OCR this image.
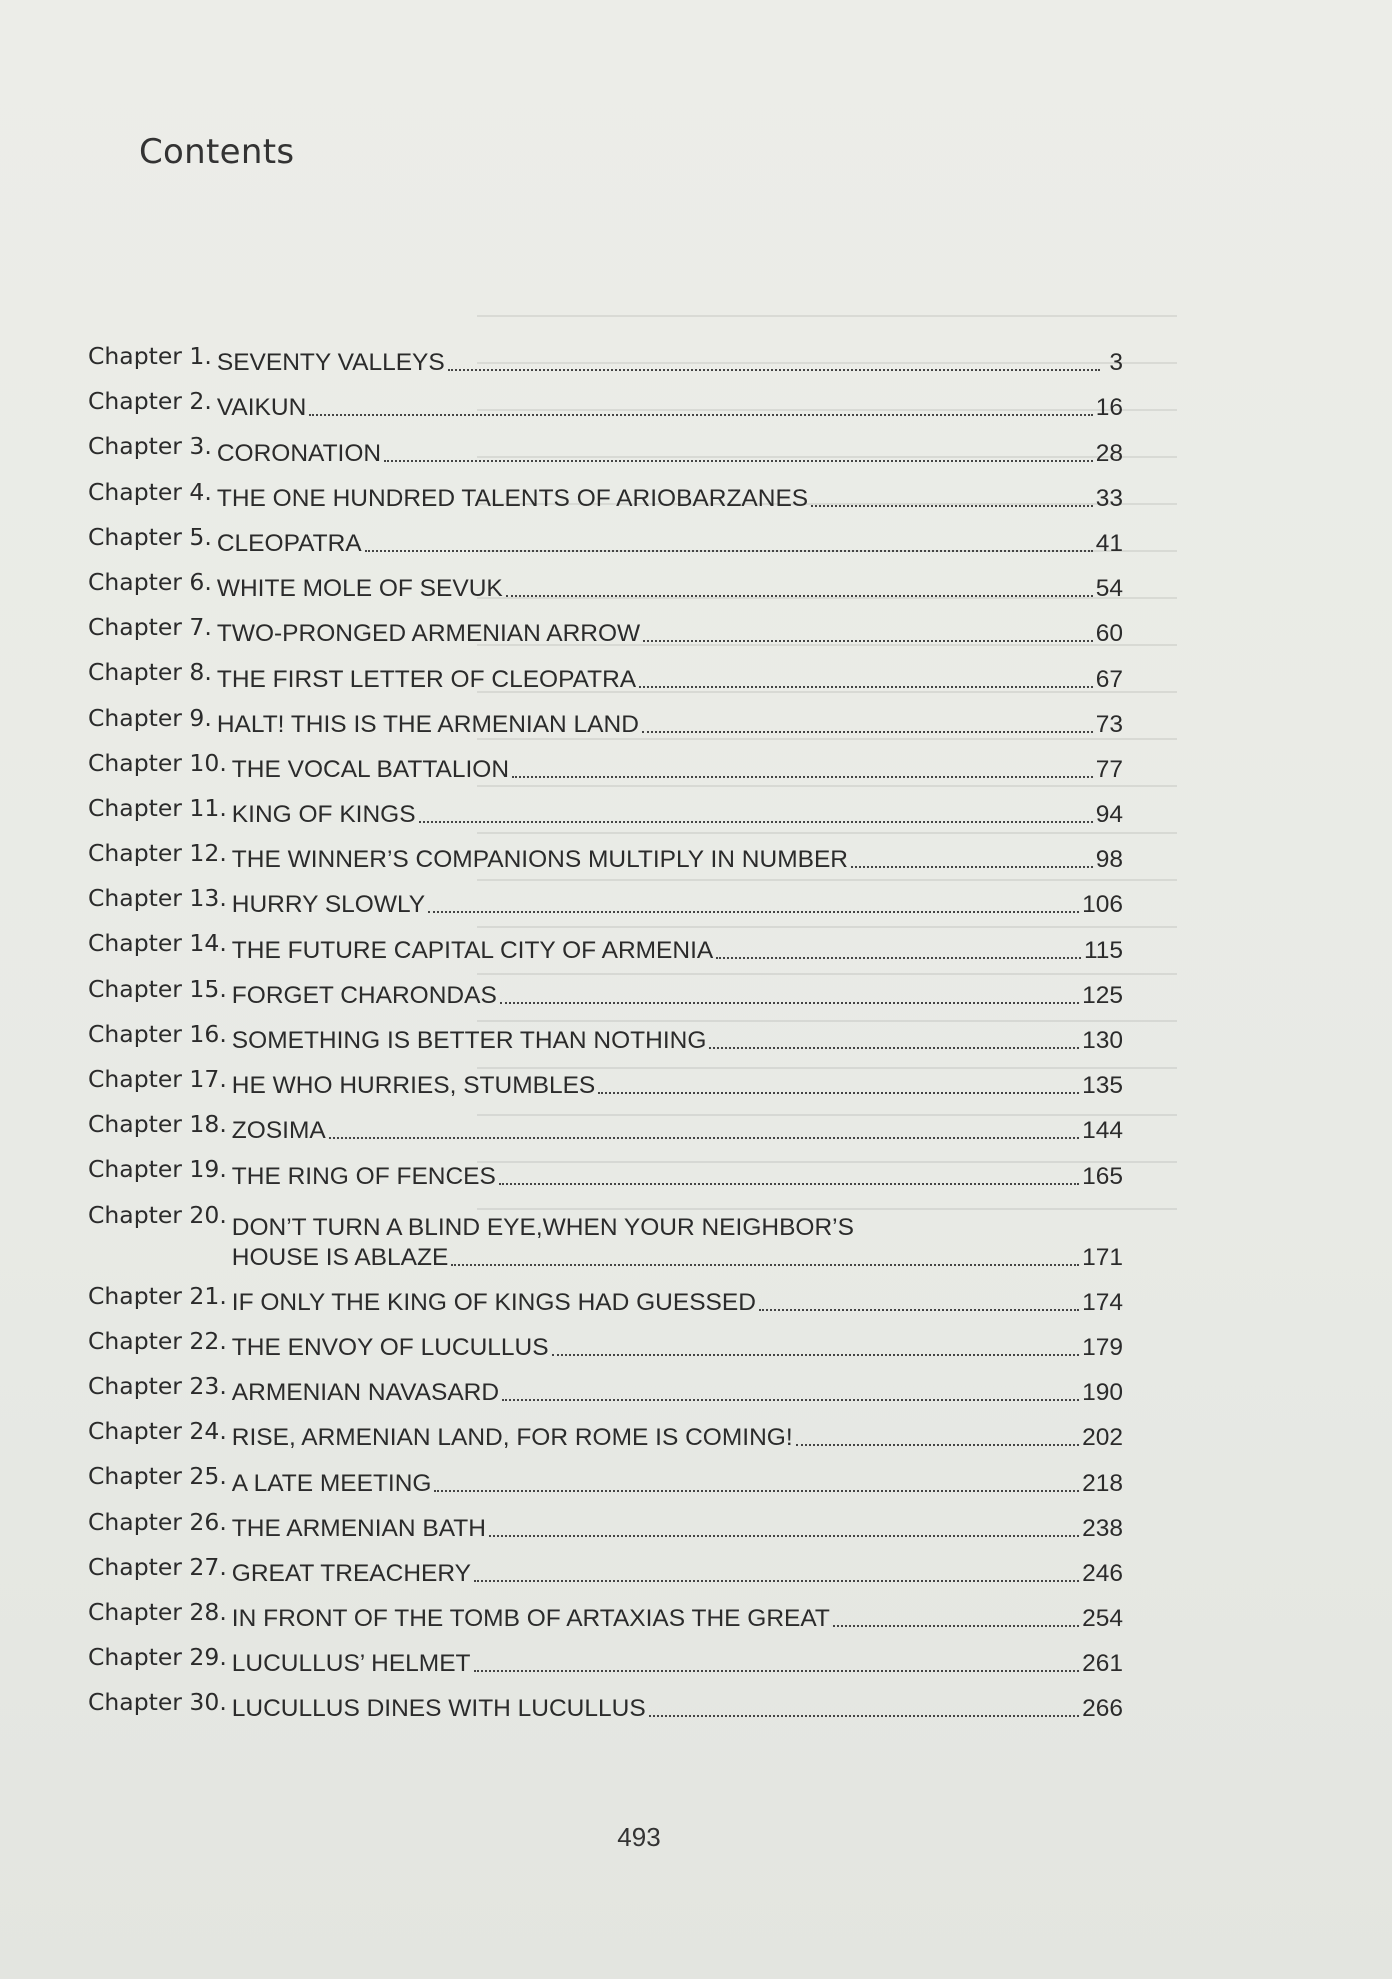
Contents
Chapter 1. SEVENTY VALLEYS	3
Chapter 2. VAIKUN	16
Chapter 3. CORONATION	28
Chapter 4. THE ONE HUNDRED TALENTS OF ARIOBARZANES	33
Chapter 5. CLEOPATRA	41
Chapter 6. WHITE MOLE OF SEVUK	54
Chapter 7. TWO-PRONGED ARMENIAN ARROW	60
Chapter 8. THE FIRST LETTER OF CLEOPATRA	67
Chapter 9. HALT! THIS IS THE ARMENIAN LAND	73
Chapter 10. THE VOCAL BATTALION	77
Chapter 11. KING OF KINGS	94
Chapter 12. THE WINNER’S COMPANIONS MULTIPLY IN NUMBER	98
Chapter 13. HURRY SLOWLY	106
Chapter 14. THE FUTURE CAPITAL CITY OF ARMENIA	115
Chapter 15. FORGET CHARONDAS	125
Chapter 16. SOMETHING IS BETTER THAN NOTHING	130
Chapter 17. HE WHO HURRIES, STUMBLES	135
Chapter 18. ZOSIMA	144
Chapter 19. THE RING OF FENCES	165
Chapter 20. DON’T TURN A BLIND EYE,WHEN YOUR NEIGHBOR’S
HOUSE IS ABLAZE	171
Chapter 21. IF ONLY THE KING OF KINGS HAD GUESSED	174
Chapter 22. THE ENVOY OF LUCULLUS	179
Chapter 23. ARMENIAN NAVASARD	190
Chapter 24. RISE, ARMENIAN LAND, FOR ROME IS COMING!	202
Chapter 25. A LATE MEETING	218
Chapter 26. THE ARMENIAN BATH	238
Chapter 27. GREAT TREACHERY	246
Chapter 28. IN FRONT OF THE TOMB OF ARTAXIAS THE GREAT	254
Chapter 29. LUCULLUS’ HELMET	261
Chapter 30. LUCULLUS DINES WITH LUCULLUS	266
493
